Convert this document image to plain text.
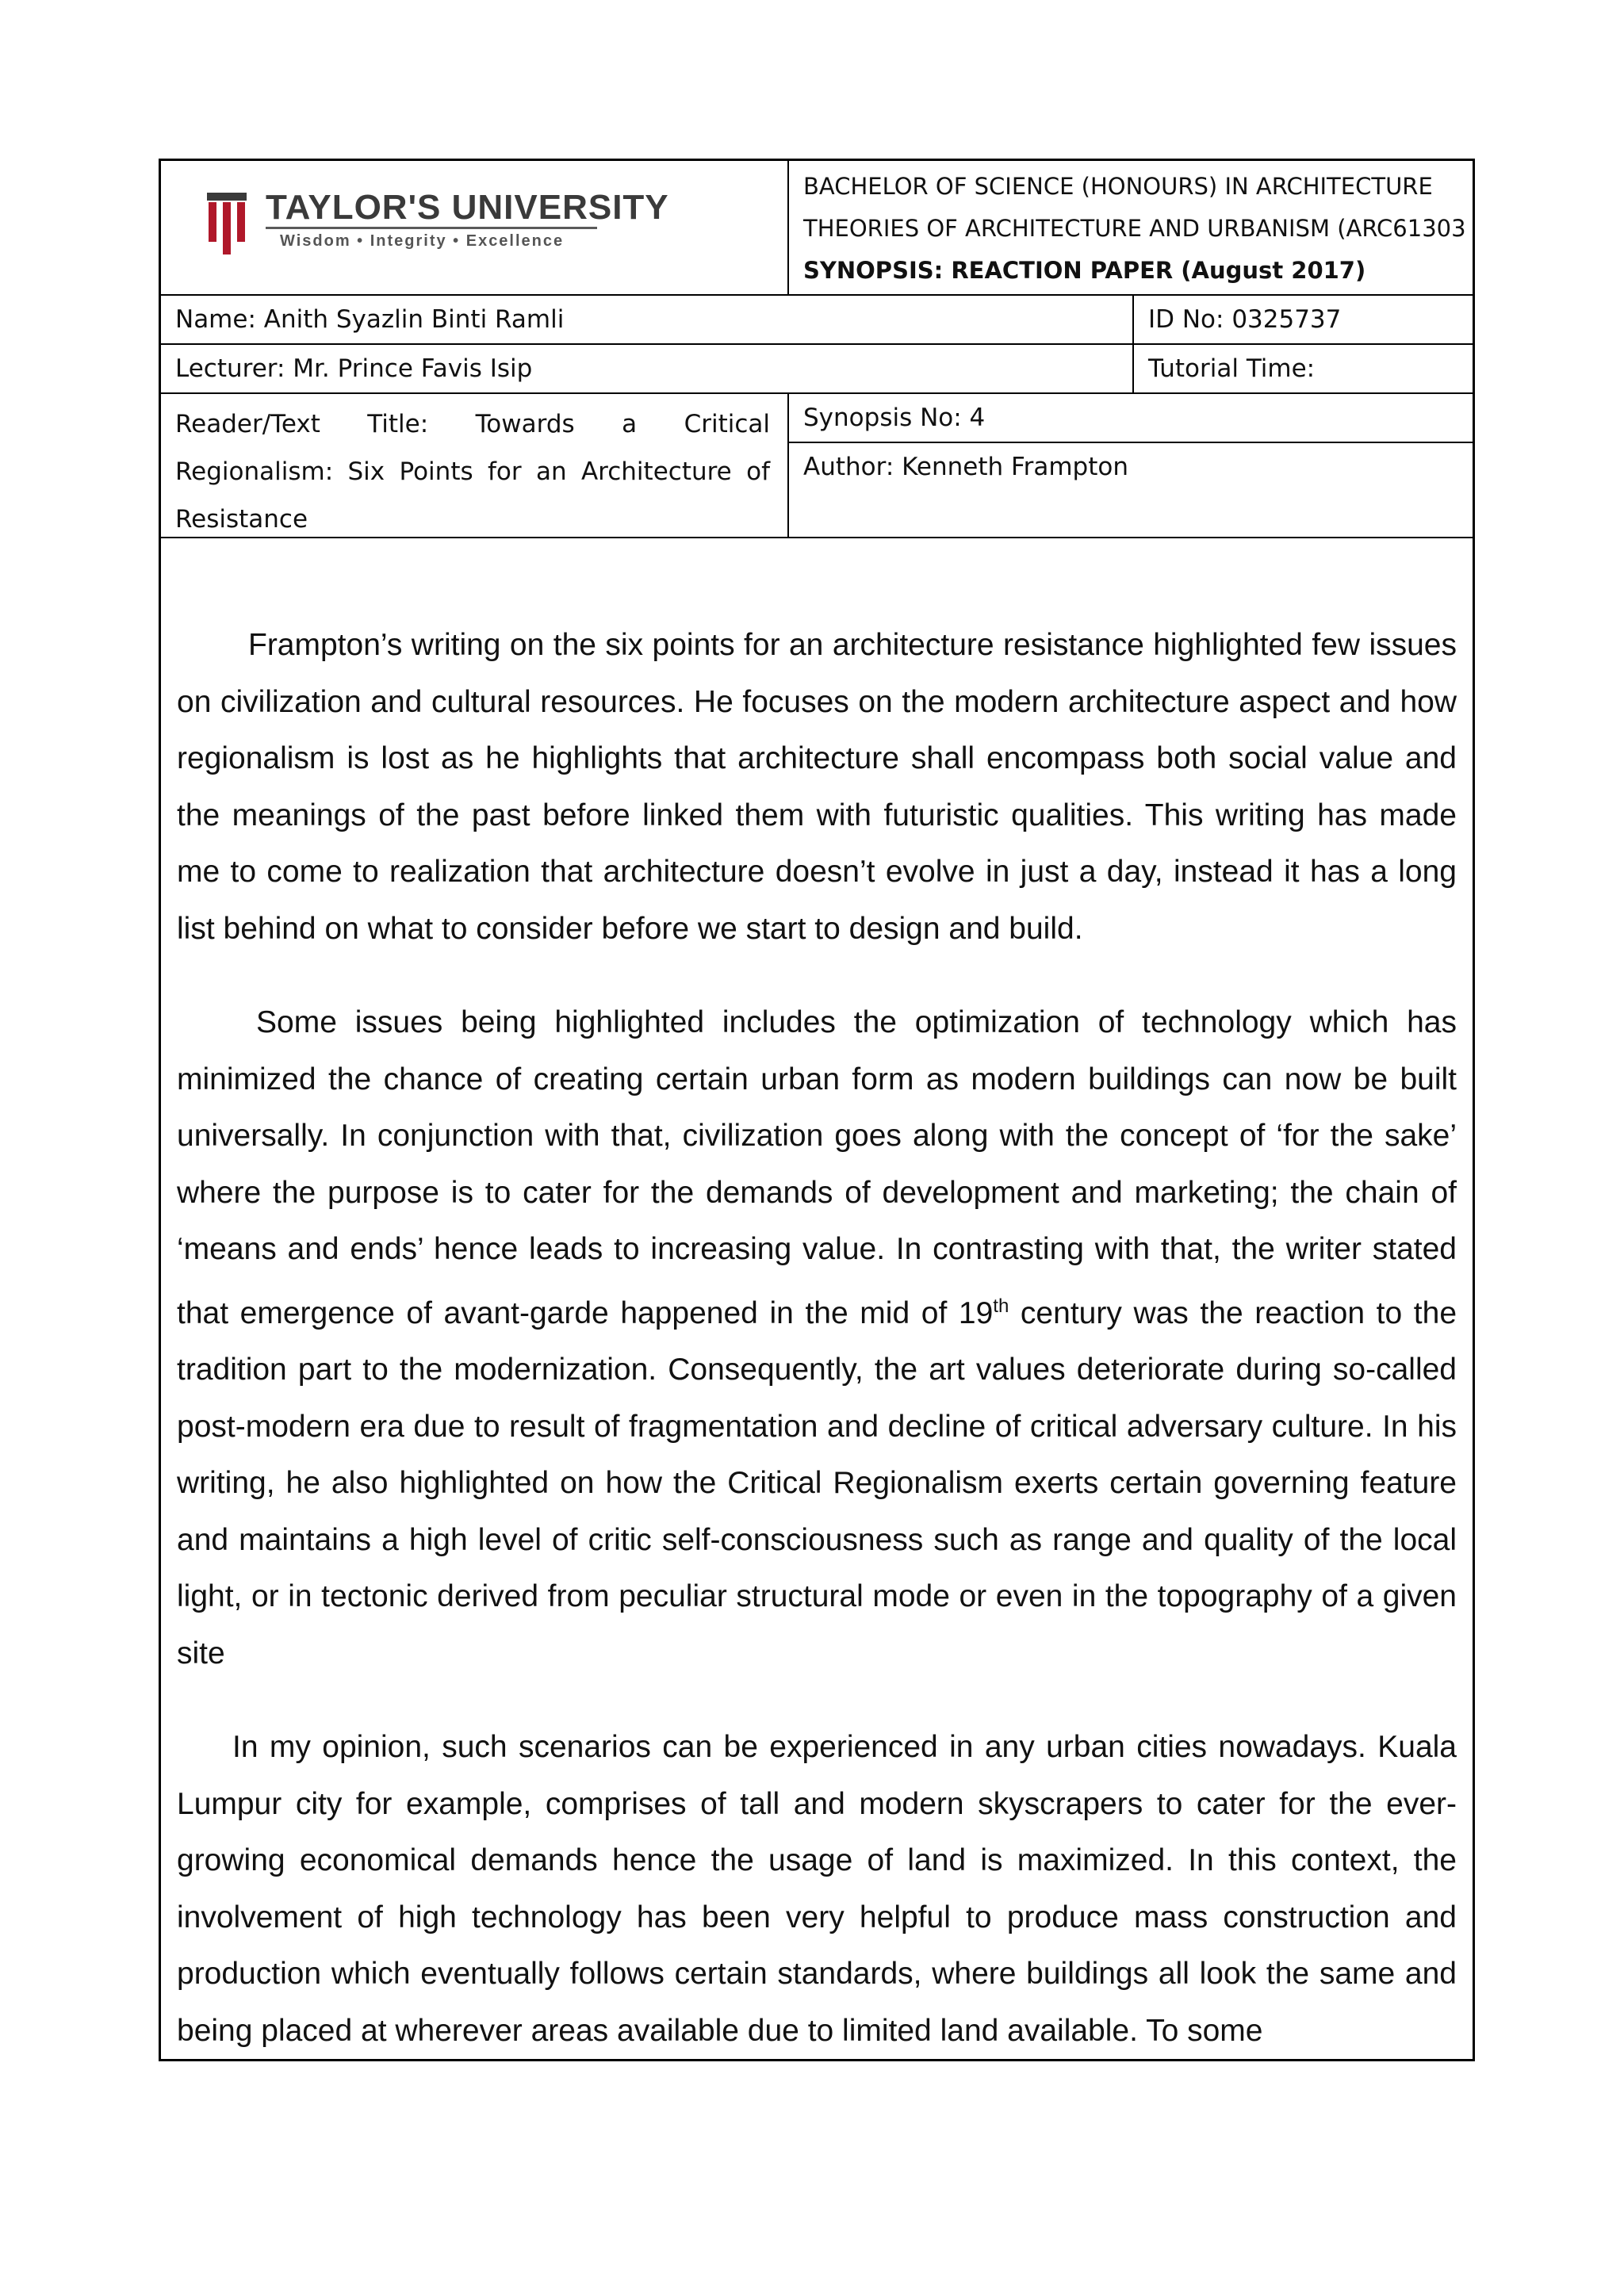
TAYLOR'S UNIVERSITY
Wisdom • Integrity • Excellence
BACHELOR OF SCIENCE (HONOURS) IN ARCHITECTURE
THEORIES OF ARCHITECTURE AND URBANISM (ARC61303
SYNOPSIS: REACTION PAPER (August 2017)
Name: Anith Syazlin Binti Ramli	ID No: 0325737
Lecturer: Mr. Prince Favis Isip	Tutorial Time:
Reader/Text Title: Towards a Critical
Regionalism: Six Points for an Architecture of
Resistance
Synopsis No: 4
Author: Kenneth Frampton

Frampton’s writing on the six points for an architecture resistance highlighted few issues on civilization and cultural resources. He focuses on the modern architecture aspect and how regionalism is lost as he highlights that architecture shall encompass both social value and the meanings of the past before linked them with futuristic qualities. This writing has made me to come to realization that architecture doesn’t evolve in just a day, instead it has a long list behind on what to consider before we start to design and build.

Some issues being highlighted includes the optimization of technology which has minimized the chance of creating certain urban form as modern buildings can now be built universally. In conjunction with that, civilization goes along with the concept of ‘for the sake’ where the purpose is to cater for the demands of development and marketing; the chain of ‘means and ends’ hence leads to increasing value. In contrasting with that, the writer stated that emergence of avant-garde happened in the mid of 19th century was the reaction to the tradition part to the modernization. Consequently, the art values deteriorate during so-called post-modern era due to result of fragmentation and decline of critical adversary culture. In his writing, he also highlighted on how the Critical Regionalism exerts certain governing feature and maintains a high level of critic self-consciousness such as range and quality of the local light, or in tectonic derived from peculiar structural mode or even in the topography of a given site

In my opinion, such scenarios can be experienced in any urban cities nowadays. Kuala Lumpur city for example, comprises of tall and modern skyscrapers to cater for the ever-growing economical demands hence the usage of land is maximized. In this context, the involvement of high technology has been very helpful to produce mass construction and production which eventually follows certain standards, where buildings all look the same and being placed at wherever areas available due to limited land available. To some
